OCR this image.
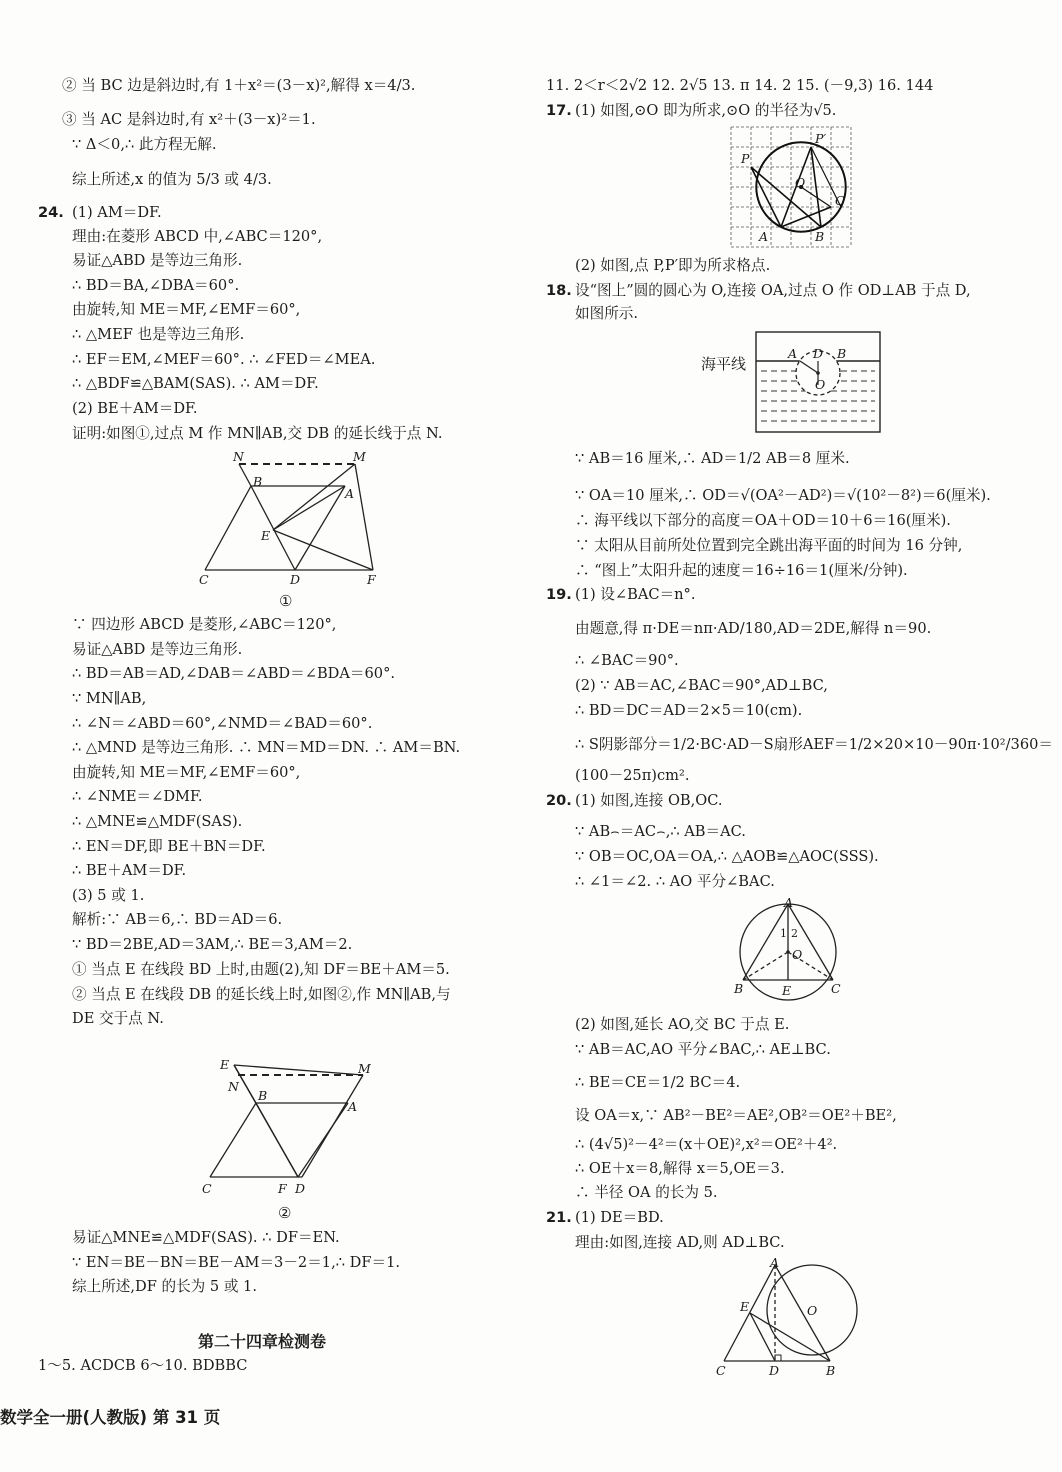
② 当 BC 边是斜边时,有 1＋x²＝(3－x)²,解得 x＝4/3.
③ 当 AC 是斜边时,有 x²＋(3－x)²＝1.
∵ Δ＜0,∴ 此方程无解.
综上所述,x 的值为 5/3 或 4/3.
24. (1) AM＝DF.
理由:在菱形 ABCD 中,∠ABC＝120°,
易证△ABD 是等边三角形.
∴ BD＝BA,∠DBA＝60°.
由旋转,知 ME＝MF,∠EMF＝60°,
∴ △MEF 也是等边三角形.
∴ EF＝EM,∠MEF＝60°. ∴ ∠FED＝∠MEA.
∴ △BDF≌△BAM(SAS). ∴ AM＝DF.
(2) BE＋AM＝DF.
证明:如图①,过点 M 作 MN∥AB,交 DB 的延长线于点 N.
N	M
B
A
E
C	D	F
①
∵ 四边形 ABCD 是菱形,∠ABC＝120°,
易证△ABD 是等边三角形.
∴ BD＝AB＝AD,∠DAB＝∠ABD＝∠BDA＝60°.
∵ MN∥AB,
∴ ∠N＝∠ABD＝60°,∠NMD＝∠BAD＝60°.
∴ △MND 是等边三角形. ∴ MN＝MD＝DN. ∴ AM＝BN.
由旋转,知 ME＝MF,∠EMF＝60°,
∴ ∠NME＝∠DMF.
∴ △MNE≌△MDF(SAS).
∴ EN＝DF,即 BE＋BN＝DF.
∴ BE＋AM＝DF.
(3) 5 或 1.
解析:∵ AB＝6,∴ BD＝AD＝6.
∵ BD＝2BE,AD＝3AM,∴ BE＝3,AM＝2.
① 当点 E 在线段 BD 上时,由题(2),知 DF＝BE＋AM＝5.
② 当点 E 在线段 DB 的延长线上时,如图②,作 MN∥AB,与
DE 交于点 N.
E
N
M
B
A
C	F D
②
易证△MNE≌△MDF(SAS). ∴ DF＝EN.
∵ EN＝BE－BN＝BE－AM＝3－2＝1,∴ DF＝1.
综上所述,DF 的长为 5 或 1.
第二十四章检测卷
1～5. ACDCB 6～10. BDBBC
数学全一册(人教版) 第 31 页
11. 2＜r＜2√2 12. 2√5 13. π 14. 2 15. (－9,3) 16. 144
17. (1) 如图,⊙O 即为所求,⊙O 的半径为√5.
P
P′
O
C
A	B
(2) 如图,点 P,P′即为所求格点.
18. 设“图上”圆的圆心为 O,连接 OA,过点 O 作 OD⊥AB 于点 D,
如图所示.
海平线
A D B
O
∵ AB＝16 厘米,∴ AD＝1/2 AB＝8 厘米.
∵ OA＝10 厘米,∴ OD＝√(OA²－AD²)＝√(10²－8²)＝6(厘米).
∴ 海平线以下部分的高度＝OA＋OD＝10＋6＝16(厘米).
∵ 太阳从目前所处位置到完全跳出海平面的时间为 16 分钟,
∴ “图上”太阳升起的速度＝16÷16＝1(厘米/分钟).
19. (1) 设∠BAC＝n°.
由题意,得 π·DE＝nπ·AD/180,AD＝2DE,解得 n＝90.
∴ ∠BAC＝90°.
(2) ∵ AB＝AC,∠BAC＝90°,AD⊥BC,
∴ BD＝DC＝AD＝2×5＝10(cm).
∴ S阴影部分＝1/2·BC·AD－S扇形AEF＝1/2×20×10－90π·10²/360＝
(100－25π)cm².
20. (1) 如图,连接 OB,OC.
∵ AB⌢＝AC⌢,∴ AB＝AC.
∵ OB＝OC,OA＝OA,∴ △AOB≌△AOC(SSS).
∴ ∠1＝∠2. ∴ AO 平分∠BAC.
A
1 2
O
B	E	C
(2) 如图,延长 AO,交 BC 于点 E.
∵ AB＝AC,AO 平分∠BAC,∴ AE⊥BC.
∴ BE＝CE＝1/2 BC＝4.
设 OA＝x,∵ AB²－BE²＝AE²,OB²＝OE²＋BE²,
∴ (4√5)²－4²＝(x＋OE)²,x²＝OE²＋4².
∴ OE＋x＝8,解得 x＝5,OE＝3.
∴ 半径 OA 的长为 5.
21. (1) DE＝BD.
理由:如图,连接 AD,则 AD⊥BC.
A
E	O
C	D	B
